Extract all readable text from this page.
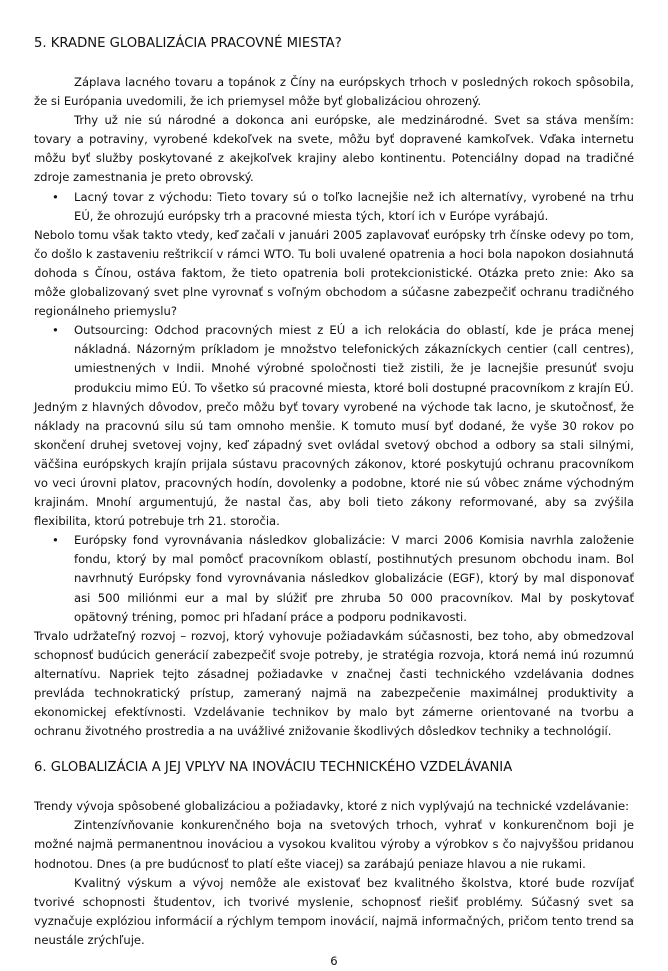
5. KRADNE GLOBALIZÁCIA PRACOVNÉ MIESTA?

Záplava lacného tovaru a topánok z Číny na európskych trhoch v posledných rokoch spôsobila, že si Európania uvedomili, že ich priemysel môže byť globalizáciou ohrozený.

Trhy už nie sú národné a dokonca ani európske, ale medzinárodné. Svet sa stáva menším: tovary a potraviny, vyrobené kdekoľvek na svete, môžu byť dopravené kamkoľvek. Vďaka internetu môžu byť služby poskytované z akejkoľvek krajiny alebo kontinentu. Potenciálny dopad na tradičné zdroje zamestnania je preto obrovský.

• Lacný tovar z východu: Tieto tovary sú o toľko lacnejšie než ich alternatívy, vyrobené na trhu EÚ, že ohrozujú európsky trh a pracovné miesta tých, ktorí ich v Európe vyrábajú.

Nebolo tomu však takto vtedy, keď začali v januári 2005 zaplavovať európsky trh čínske odevy po tom, čo došlo k zastaveniu reštrikcií v rámci WTO. Tu boli uvalené opatrenia a hoci bola napokon dosiahnutá dohoda s Čínou, ostáva faktom, že tieto opatrenia boli protekcionistické. Otázka preto znie: Ako sa môže globalizovaný svet plne vyrovnať s voľným obchodom a súčasne zabezpečiť ochranu tradičného regionálneho priemyslu?

• Outsourcing: Odchod pracovných miest z EÚ a ich relokácia do oblastí, kde je práca menej nákladná. Názorným príkladom je množstvo telefonických zákazníckych centier (call centres), umiestnených v Indii. Mnohé výrobné spoločnosti tiež zistili, že je lacnejšie presunúť svoju produkciu mimo EÚ. To všetko sú pracovné miesta, ktoré boli dostupné pracovníkom z krajín EÚ.

Jedným z hlavných dôvodov, prečo môžu byť tovary vyrobené na východe tak lacno, je skutočnosť, že náklady na pracovnú silu sú tam omnoho menšie. K tomuto musí byť dodané, že vyše 30 rokov po skončení druhej svetovej vojny, keď západný svet ovládal svetový obchod a odbory sa stali silnými, väčšina európskych krajín prijala sústavu pracovných zákonov, ktoré poskytujú ochranu pracovníkom vo veci úrovni platov, pracovných hodín, dovolenky a podobne, ktoré nie sú vôbec známe východným krajinám. Mnohí argumentujú, že nastal čas, aby boli tieto zákony reformované, aby sa zvýšila flexibilita, ktorú potrebuje trh 21. storočia.

• Európsky fond vyrovnávania následkov globalizácie: V marci 2006 Komisia navrhla založenie fondu, ktorý by mal pomôcť pracovníkom oblastí, postihnutých presunom obchodu inam. Bol navrhnutý Európsky fond vyrovnávania následkov globalizácie (EGF), ktorý by mal disponovať asi 500 miliónmi eur a mal by slúžiť pre zhruba 50 000 pracovníkov. Mal by poskytovať opätovný tréning, pomoc pri hľadaní práce a podporu podnikavosti.

Trvalo udržateľný rozvoj – rozvoj, ktorý vyhovuje požiadavkám súčasnosti, bez toho, aby obmedzoval schopnosť budúcich generácií zabezpečiť svoje potreby, je stratégia rozvoja, ktorá nemá inú rozumnú alternatívu. Napriek tejto zásadnej požiadavke v značnej časti technického vzdelávania dodnes prevláda technokratický prístup, zameraný najmä na zabezpečenie maximálnej produktivity a ekonomickej efektívnosti. Vzdelávanie technikov by malo byt zámerne orientované na tvorbu a ochranu životného prostredia a na uvážlivé znižovanie škodlivých dôsledkov techniky a technológií.

6. GLOBALIZÁCIA A JEJ VPLYV NA INOVÁCIU TECHNICKÉHO VZDELÁVANIA

Trendy vývoja spôsobené globalizáciou a požiadavky, ktoré z nich vyplývajú na technické vzdelávanie:

Zintenzívňovanie konkurenčného boja na svetových trhoch, vyhrať v konkurenčnom boji je možné najmä permanentnou inováciou a vysokou kvalitou výroby a výrobkov s čo najvyššou pridanou hodnotou. Dnes (a pre budúcnosť to platí ešte viacej) sa zarábajú peniaze hlavou a nie rukami.

Kvalitný výskum a vývoj nemôže ale existovať bez kvalitného školstva, ktoré bude rozvíjať tvorivé schopnosti študentov, ich tvorivé myslenie, schopnosť riešiť problémy. Súčasný svet sa vyznačuje explóziou informácií a rýchlym tempom inovácií, najmä informačných, pričom tento trend sa neustále zrýchľuje.

6
